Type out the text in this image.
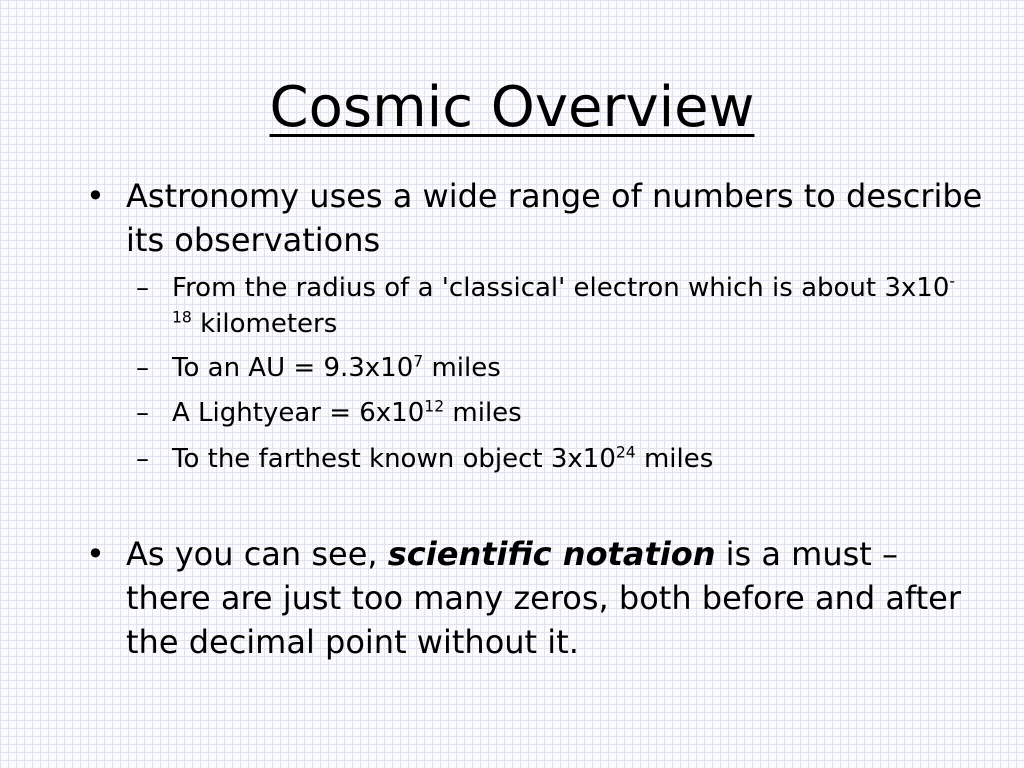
Cosmic Overview
• Astronomy uses a wide range of numbers to describe its observations
– From the radius of a 'classical' electron which is about $3x10^{-18}$ kilometers
– To an AU = $9.3x10^7$ miles
– A Lightyear = $6x10^{12}$ miles
– To the farthest known object $3x10^{24}$ miles
• As you can see, scientific notation is a must – there are just too many zeros, both before and after the decimal point without it.
